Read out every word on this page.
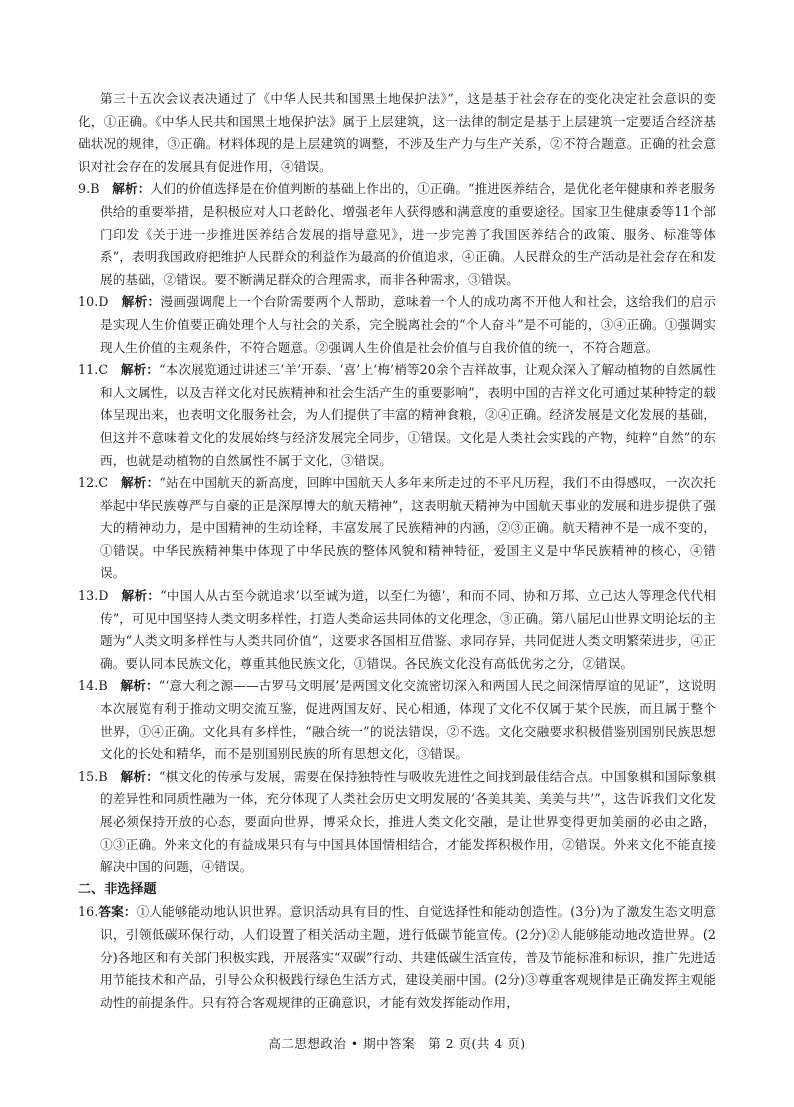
第三十五次会议表决通过了《中华人民共和国黑土地保护法》”，这是基于社会存在的变化决定社会意识的变化，①正确。《中华人民共和国黑土地保护法》属于上层建筑，这一法律的制定是基于上层建筑一定要适合经济基础状况的规律，③正确。材料体现的是上层建筑的调整，不涉及生产力与生产关系，②不符合题意。正确的社会意识对社会存在的发展具有促进作用，④错误。

9.B　 解析：人们的价值选择是在价值判断的基础上作出的，①正确。“推进医养结合，是优化老年健康和养老服务供给的重要举措，是积极应对人口老龄化、增强老年人获得感和满意度的重要途径。国家卫生健康委等11个部门印发《关于进一步推进医养结合发展的指导意见》，进一步完善了我国医养结合的政策、服务、标准等体系”，表明我国政府把维护人民群众的利益作为最高的价值追求，④正确。人民群众的生产活动是社会存在和发展的基础，②错误。要不断满足群众的合理需求，而非各种需求，③错误。

10.D　 解析：漫画强调爬上一个台阶需要两个人帮助，意味着一个人的成功离不开他人和社会，这给我们的启示是实现人生价值要正确处理个人与社会的关系，完全脱离社会的“个人奋斗”是不可能的，③④正确。①强调实现人生价值的主观条件，不符合题意。②强调人生价值是社会价值与自我价值的统一，不符合题意。

11.C　 解析：“本次展览通过讲述三‘羊’开泰、‘喜’上‘梅’梢等20余个吉祥故事，让观众深入了解动植物的自然属性和人文属性，以及吉祥文化对民族精神和社会生活产生的重要影响”，表明中国的吉祥文化可通过某种特定的载体呈现出来，也表明文化服务社会，为人们提供了丰富的精神食粮，②④正确。经济发展是文化发展的基础，但这并不意味着文化的发展始终与经济发展完全同步，①错误。文化是人类社会实践的产物，纯粹“自然”的东西，也就是动植物的自然属性不属于文化，③错误。

12.C　 解析：“站在中国航天的新高度，回眸中国航天人多年来所走过的不平凡历程，我们不由得感叹，一次次托举起中华民族尊严与自豪的正是深厚博大的航天精神”，这表明航天精神为中国航天事业的发展和进步提供了强大的精神动力，是中国精神的生动诠释，丰富发展了民族精神的内涵，②③正确。航天精神不是一成不变的，①错误。中华民族精神集中体现了中华民族的整体风貌和精神特征，爱国主义是中华民族精神的核心，④错误。

13.D　 解析：“中国人从古至今就追求‘以至诚为道，以至仁为德’，和而不同、协和万邦、立己达人等理念代代相传”，可见中国坚持人类文明多样性，打造人类命运共同体的文化理念，③正确。第八届尼山世界文明论坛的主题为“人类文明多样性与人类共同价值”，这要求各国相互借鉴、求同存异，共同促进人类文明繁荣进步，④正确。要认同本民族文化，尊重其他民族文化，①错误。各民族文化没有高低优劣之分，②错误。

14.B　 解析：“‘意大利之源——古罗马文明展’是两国文化交流密切深入和两国人民之间深情厚谊的见证”，这说明本次展览有利于推动文明交流互鉴，促进两国友好、民心相通，体现了文化不仅属于某个民族，而且属于整个世界，①④正确。文化具有多样性，“融合统一”的说法错误，②不选。文化交融要求积极借鉴别国别民族思想文化的长处和精华，而不是别国别民族的所有思想文化，③错误。

15.B　 解析：“棋文化的传承与发展，需要在保持独特性与吸收先进性之间找到最佳结合点。中国象棋和国际象棋的差异性和同质性融为一体，充分体现了人类社会历史文明发展的‘各美其美、美美与共’”，这告诉我们文化发展必须保持开放的心态，要面向世界，博采众长，推进人类文化交融，是让世界变得更加美丽的必由之路，①③正确。外来文化的有益成果只有与中国具体国情相结合，才能发挥积极作用，②错误。外来文化不能直接解决中国的问题，④错误。

二、非选择题

16.答案：①人能够能动地认识世界。意识活动具有目的性、自觉选择性和能动创造性。(3分)为了激发生态文明意识，引领低碳环保行动，人们设置了相关活动主题，进行低碳节能宣传。(2分)②人能够能动地改造世界。(2分)各地区和有关部门积极实践，开展落实“双碳”行动、共建低碳生活宣传，普及节能标准和标识，推广先进适用节能技术和产品，引导公众积极践行绿色生活方式，建设美丽中国。(2分)③尊重客观规律是正确发挥主观能动性的前提条件。只有符合客观规律的正确意识，才能有效发挥能动作用，

高二思想政治 • 期中答案　第 2 页(共 4 页)
